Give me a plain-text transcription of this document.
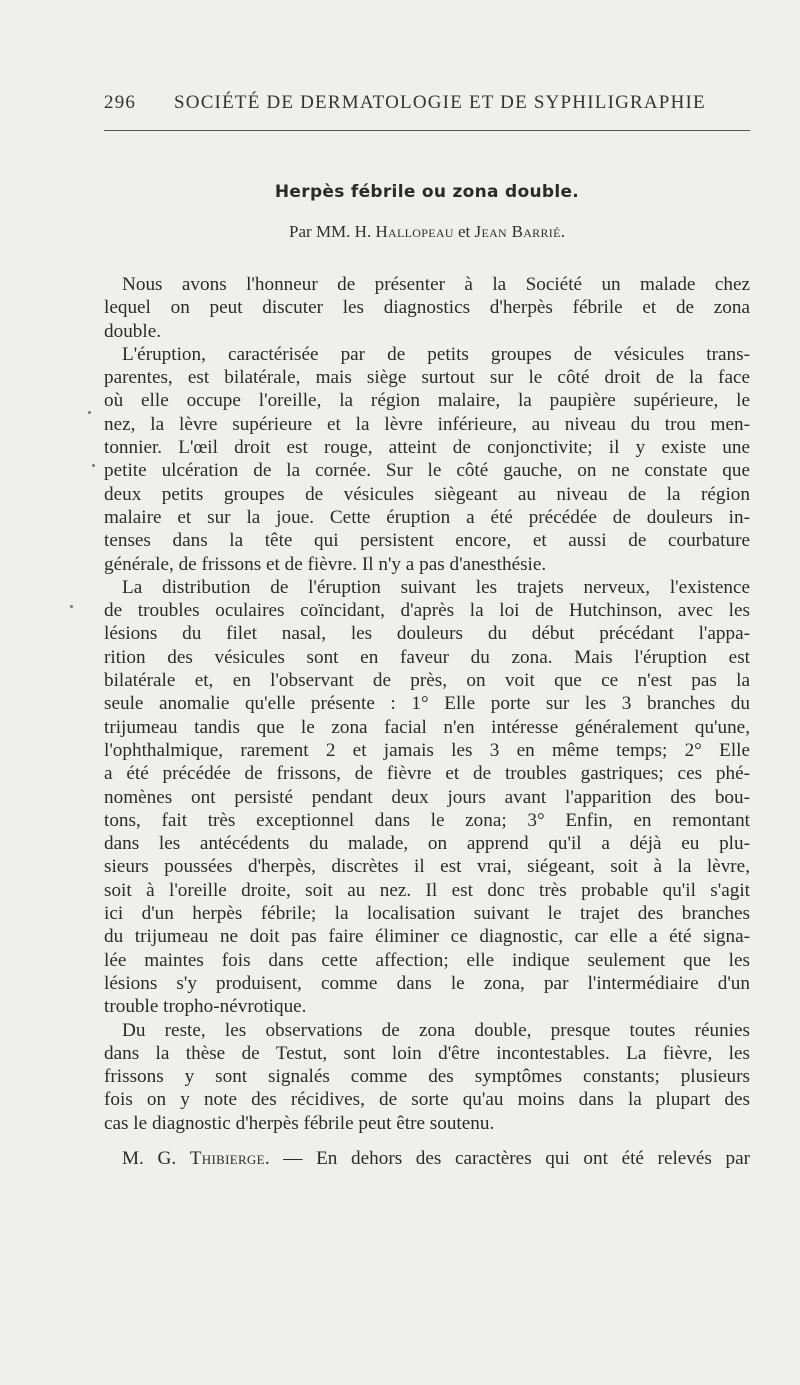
296 SOCIÉTÉ DE DERMATOLOGIE ET DE SYPHILIGRAPHIE
Herpès fébrile ou zona double.
Par MM. H. Hallopeau et Jean Barrié.
Nous avons l'honneur de présenter à la Société un malade chez
lequel on peut discuter les diagnostics d'herpès fébrile et de zona
double.
L'éruption, caractérisée par de petits groupes de vésicules trans-
parentes, est bilatérale, mais siège surtout sur le côté droit de la face
où elle occupe l'oreille, la région malaire, la paupière supérieure, le
nez, la lèvre supérieure et la lèvre inférieure, au niveau du trou men-
tonnier. L'œil droit est rouge, atteint de conjonctivite; il y existe une
petite ulcération de la cornée. Sur le côté gauche, on ne constate que
deux petits groupes de vésicules siègeant au niveau de la région
malaire et sur la joue. Cette éruption a été précédée de douleurs in-
tenses dans la tête qui persistent encore, et aussi de courbature
générale, de frissons et de fièvre. Il n'y a pas d'anesthésie.
La distribution de l'éruption suivant les trajets nerveux, l'existence
de troubles oculaires coïncidant, d'après la loi de Hutchinson, avec les
lésions du filet nasal, les douleurs du début précédant l'appa-
rition des vésicules sont en faveur du zona. Mais l'éruption est
bilatérale et, en l'observant de près, on voit que ce n'est pas la
seule anomalie qu'elle présente : 1° Elle porte sur les 3 branches du
trijumeau tandis que le zona facial n'en intéresse généralement qu'une,
l'ophthalmique, rarement 2 et jamais les 3 en même temps; 2° Elle
a été précédée de frissons, de fièvre et de troubles gastriques; ces phé-
nomènes ont persisté pendant deux jours avant l'apparition des bou-
tons, fait très exceptionnel dans le zona; 3° Enfin, en remontant
dans les antécédents du malade, on apprend qu'il a déjà eu plu-
sieurs poussées d'herpès, discrètes il est vrai, siégeant, soit à la lèvre,
soit à l'oreille droite, soit au nez. Il est donc très probable qu'il s'agit
ici d'un herpès fébrile; la localisation suivant le trajet des branches
du trijumeau ne doit pas faire éliminer ce diagnostic, car elle a été signa-
lée maintes fois dans cette affection; elle indique seulement que les
lésions s'y produisent, comme dans le zona, par l'intermédiaire d'un
trouble tropho-névrotique.
Du reste, les observations de zona double, presque toutes réunies
dans la thèse de Testut, sont loin d'être incontestables. La fièvre, les
frissons y sont signalés comme des symptômes constants; plusieurs
fois on y note des récidives, de sorte qu'au moins dans la plupart des
cas le diagnostic d'herpès fébrile peut être soutenu.
M. G. Thibierge. — En dehors des caractères qui ont été relevés par
